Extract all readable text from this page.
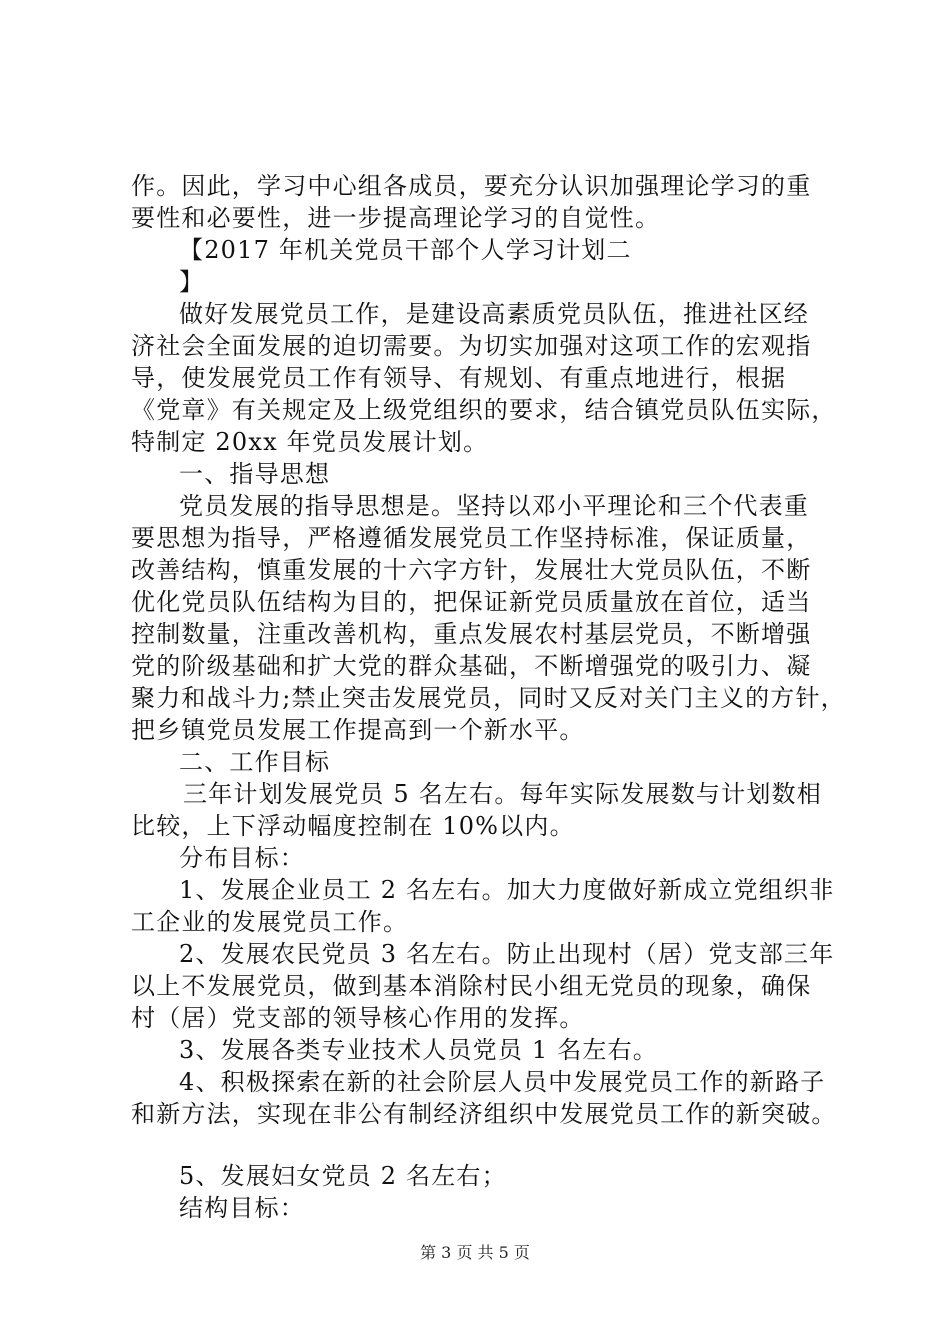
作。因此，学习中心组各成员，要充分认识加强理论学习的重
要性和必要性，进一步提高理论学习的自觉性。
【2017 年机关党员干部个人学习计划二
】
做好发展党员工作，是建设高素质党员队伍，推进社区经
济社会全面发展的迫切需要。为切实加强对这项工作的宏观指
导，使发展党员工作有领导、有规划、有重点地进行，根据
《党章》有关规定及上级党组织的要求，结合镇党员队伍实际，
特制定 20xx 年党员发展计划。
一、指导思想
党员发展的指导思想是。坚持以邓小平理论和三个代表重
要思想为指导，严格遵循发展党员工作坚持标准，保证质量，
改善结构，慎重发展的十六字方针，发展壮大党员队伍，不断
优化党员队伍结构为目的，把保证新党员质量放在首位，适当
控制数量，注重改善机构，重点发展农村基层党员，不断增强
党的阶级基础和扩大党的群众基础，不断增强党的吸引力、凝
聚力和战斗力;禁止突击发展党员，同时又反对关门主义的方针，
把乡镇党员发展工作提高到一个新水平。
二、工作目标
三年计划发展党员 5 名左右。每年实际发展数与计划数相
比较，上下浮动幅度控制在 10%以内。
分布目标：
1、发展企业员工 2 名左右。加大力度做好新成立党组织非
工企业的发展党员工作。
2、发展农民党员 3 名左右。防止出现村（居）党支部三年
以上不发展党员，做到基本消除村民小组无党员的现象，确保
村（居）党支部的领导核心作用的发挥。
3、发展各类专业技术人员党员 1 名左右。
4、积极探索在新的社会阶层人员中发展党员工作的新路子
和新方法，实现在非公有制经济组织中发展党员工作的新突破。
5、发展妇女党员 2 名左右；
结构目标：
第 3 页 共 5 页
